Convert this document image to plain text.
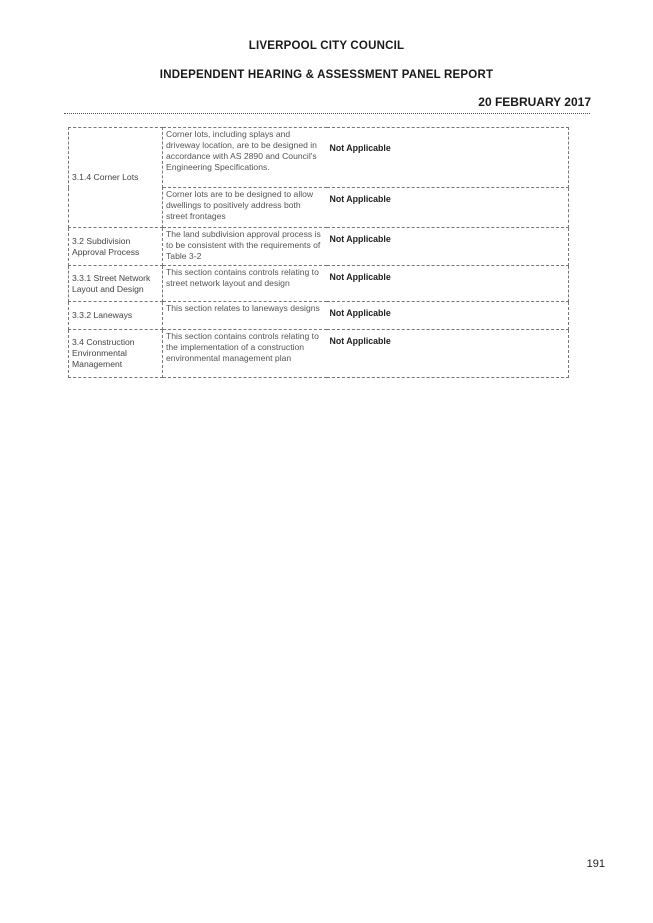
LIVERPOOL CITY COUNCIL
INDEPENDENT HEARING & ASSESSMENT PANEL REPORT
20 FEBRUARY 2017
3.1.4 Corner Lots	Corner lots, including splays and driveway location, are to be designed in accordance with AS 2890 and Council's Engineering Specifications.	Not Applicable
	Corner lots are to be designed to allow dwellings to positively address both street frontages	Not Applicable
3.2 Subdivision Approval Process	The land subdivision approval process is to be consistent with the requirements of Table 3-2	Not Applicable
3.3.1 Street Network Layout and Design	This section contains controls relating to street network layout and design	Not Applicable
3.3.2 Laneways	This section relates to laneways designs	Not Applicable
3.4 Construction Environmental Management	This section contains controls relating to the implementation of a construction environmental management plan	Not Applicable
191
